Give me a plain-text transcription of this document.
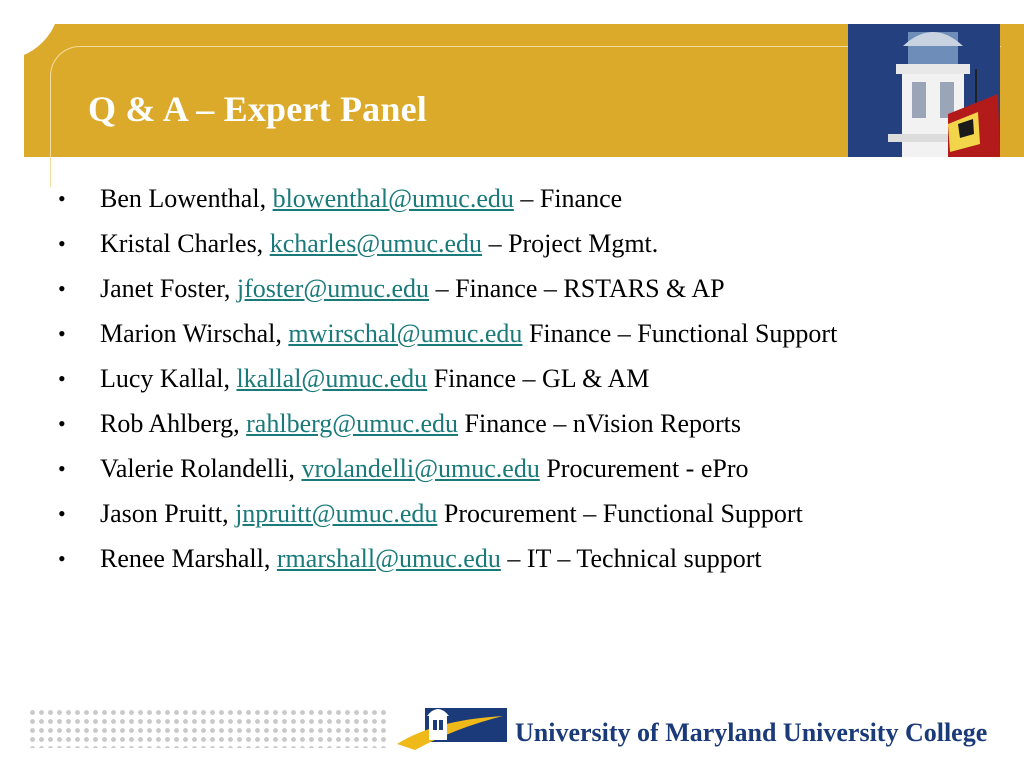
Q & A – Expert Panel
• Ben Lowenthal, blowenthal@umuc.edu – Finance
• Kristal Charles, kcharles@umuc.edu – Project Mgmt.
• Janet Foster, jfoster@umuc.edu – Finance – RSTARS & AP
• Marion Wirschal, mwirschal@umuc.edu Finance – Functional Support
• Lucy Kallal, lkallal@umuc.edu Finance – GL & AM
• Rob Ahlberg, rahlberg@umuc.edu Finance – nVision Reports
• Valerie Rolandelli, vrolandelli@umuc.edu Procurement - ePro
• Jason Pruitt, jnpruitt@umuc.edu Procurement – Functional Support
• Renee Marshall, rmarshall@umuc.edu – IT – Technical support
University of Maryland University College
